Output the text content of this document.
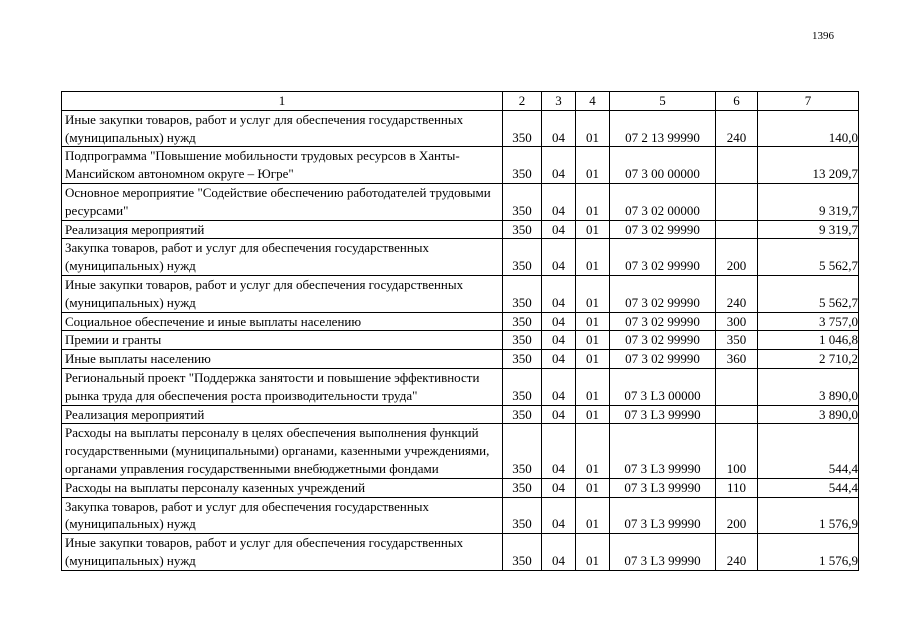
1396
1	2	3	4	5	6	7
Иные закупки товаров, работ и услуг для обеспечения государственных (муниципальных) нужд	350	04	01	07 2 13 99990	240	140,0
Подпрограмма "Повышение мобильности трудовых ресурсов в Ханты-Мансийском автономном округе – Югре"	350	04	01	07 3 00 00000		13 209,7
Основное мероприятие "Содействие обеспечению работодателей трудовыми ресурсами"	350	04	01	07 3 02 00000		9 319,7
Реализация мероприятий	350	04	01	07 3 02 99990		9 319,7
Закупка товаров, работ и услуг для обеспечения государственных (муниципальных) нужд	350	04	01	07 3 02 99990	200	5 562,7
Иные закупки товаров, работ и услуг для обеспечения государственных (муниципальных) нужд	350	04	01	07 3 02 99990	240	5 562,7
Социальное обеспечение и иные выплаты населению	350	04	01	07 3 02 99990	300	3 757,0
Премии и гранты	350	04	01	07 3 02 99990	350	1 046,8
Иные выплаты населению	350	04	01	07 3 02 99990	360	2 710,2
Региональный проект "Поддержка занятости и повышение эффективности рынка труда для обеспечения роста производительности труда"	350	04	01	07 3 L3 00000		3 890,0
Реализация мероприятий	350	04	01	07 3 L3 99990		3 890,0
Расходы на выплаты персоналу в целях обеспечения выполнения функций государственными (муниципальными) органами, казенными учреждениями, органами управления государственными внебюджетными фондами	350	04	01	07 3 L3 99990	100	544,4
Расходы на выплаты персоналу казенных учреждений	350	04	01	07 3 L3 99990	110	544,4
Закупка товаров, работ и услуг для обеспечения государственных (муниципальных) нужд	350	04	01	07 3 L3 99990	200	1 576,9
Иные закупки товаров, работ и услуг для обеспечения государственных (муниципальных) нужд	350	04	01	07 3 L3 99990	240	1 576,9
